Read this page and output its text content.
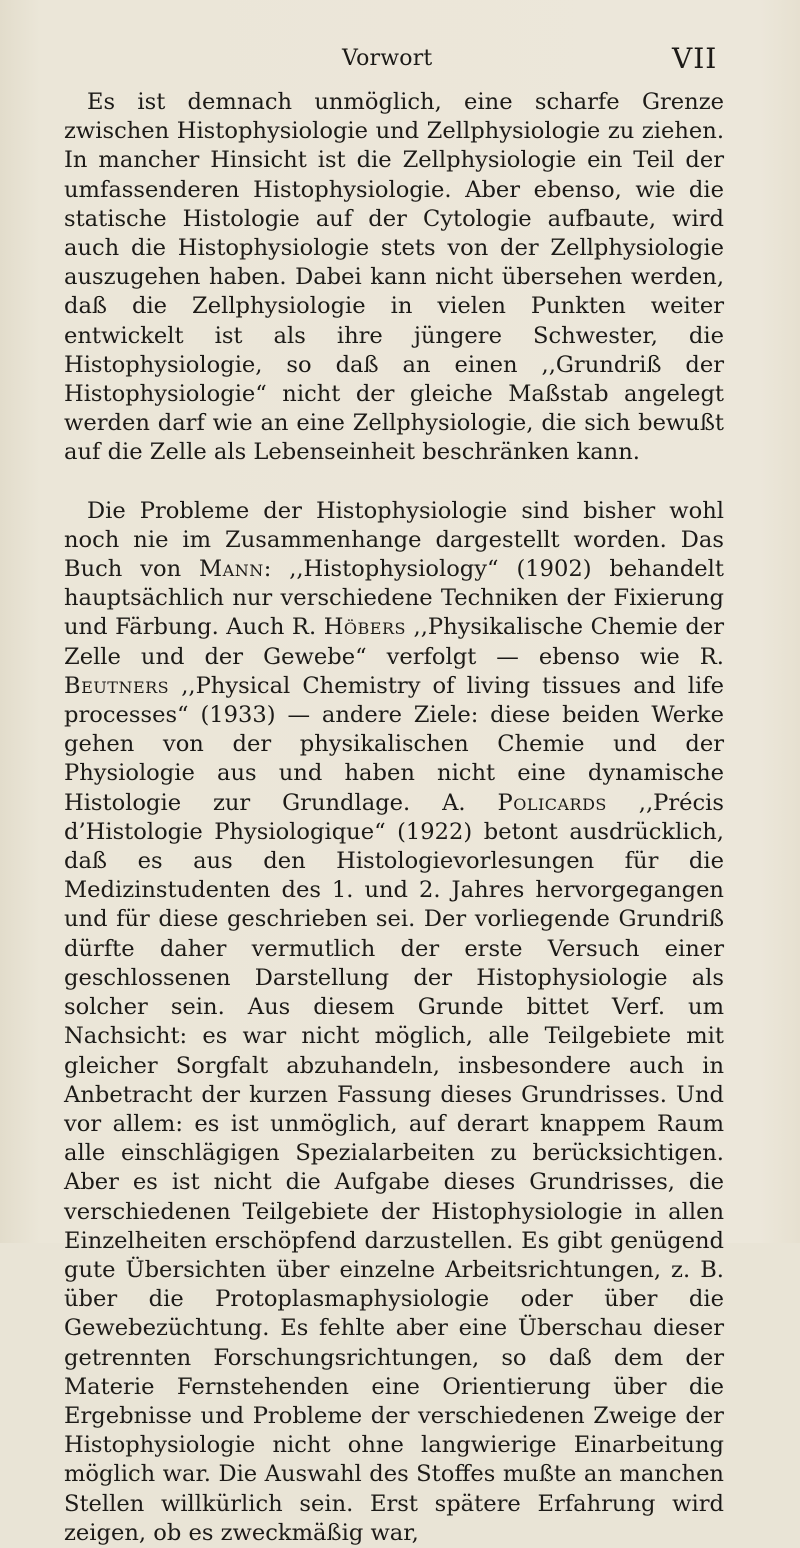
Vorwort	VII

Es ist demnach unmöglich, eine scharfe Grenze zwischen Histophysiologie und Zellphysiologie zu ziehen. In mancher Hinsicht ist die Zellphysiologie ein Teil der umfassenderen Histophysiologie. Aber ebenso, wie die statische Histologie auf der Cytologie aufbaute, wird auch die Histophysiologie stets von der Zellphysiologie auszugehen haben. Dabei kann nicht übersehen werden, daß die Zellphysiologie in vielen Punkten weiter entwickelt ist als ihre jüngere Schwester, die Histophysiologie, so daß an einen ,,Grundriß der Histophysiologie“ nicht der gleiche Maßstab angelegt werden darf wie an eine Zellphysiologie, die sich bewußt auf die Zelle als Lebenseinheit beschränken kann.

Die Probleme der Histophysiologie sind bisher wohl noch nie im Zusammenhange dargestellt worden. Das Buch von Mann: ,,Histophysiology“ (1902) behandelt hauptsächlich nur verschiedene Techniken der Fixierung und Färbung. Auch R. Höbers ,,Physikalische Chemie der Zelle und der Gewebe“ verfolgt — ebenso wie R. Beutners ,,Physical Chemistry of living tissues and life processes“ (1933) — andere Ziele: diese beiden Werke gehen von der physikalischen Chemie und der Physiologie aus und haben nicht eine dynamische Histologie zur Grundlage. A. Policards ,,Précis d’Histologie Physiologique“ (1922) betont ausdrücklich, daß es aus den Histologievorlesungen für die Medizinstudenten des 1. und 2. Jahres hervorgegangen und für diese geschrieben sei. Der vorliegende Grundriß dürfte daher vermutlich der erste Versuch einer geschlossenen Darstellung der Histophysiologie als solcher sein. Aus diesem Grunde bittet Verf. um Nachsicht: es war nicht möglich, alle Teilgebiete mit gleicher Sorgfalt abzuhandeln, insbesondere auch in Anbetracht der kurzen Fassung dieses Grundrisses. Und vor allem: es ist unmöglich, auf derart knappem Raum alle einschlägigen Spezialarbeiten zu berücksichtigen. Aber es ist nicht die Aufgabe dieses Grundrisses, die verschiedenen Teilgebiete der Histophysiologie in allen Einzelheiten erschöpfend darzustellen. Es gibt genügend gute Übersichten über einzelne Arbeitsrichtungen, z. B. über die Protoplasmaphysiologie oder über die Gewebezüchtung. Es fehlte aber eine Überschau dieser getrennten Forschungsrichtungen, so daß dem der Materie Fernstehenden eine Orientierung über die Ergebnisse und Probleme der verschiedenen Zweige der Histophysiologie nicht ohne langwierige Einarbeitung möglich war. Die Auswahl des Stoffes mußte an manchen Stellen willkürlich sein. Erst spätere Erfahrung wird zeigen, ob es zweckmäßig war,
